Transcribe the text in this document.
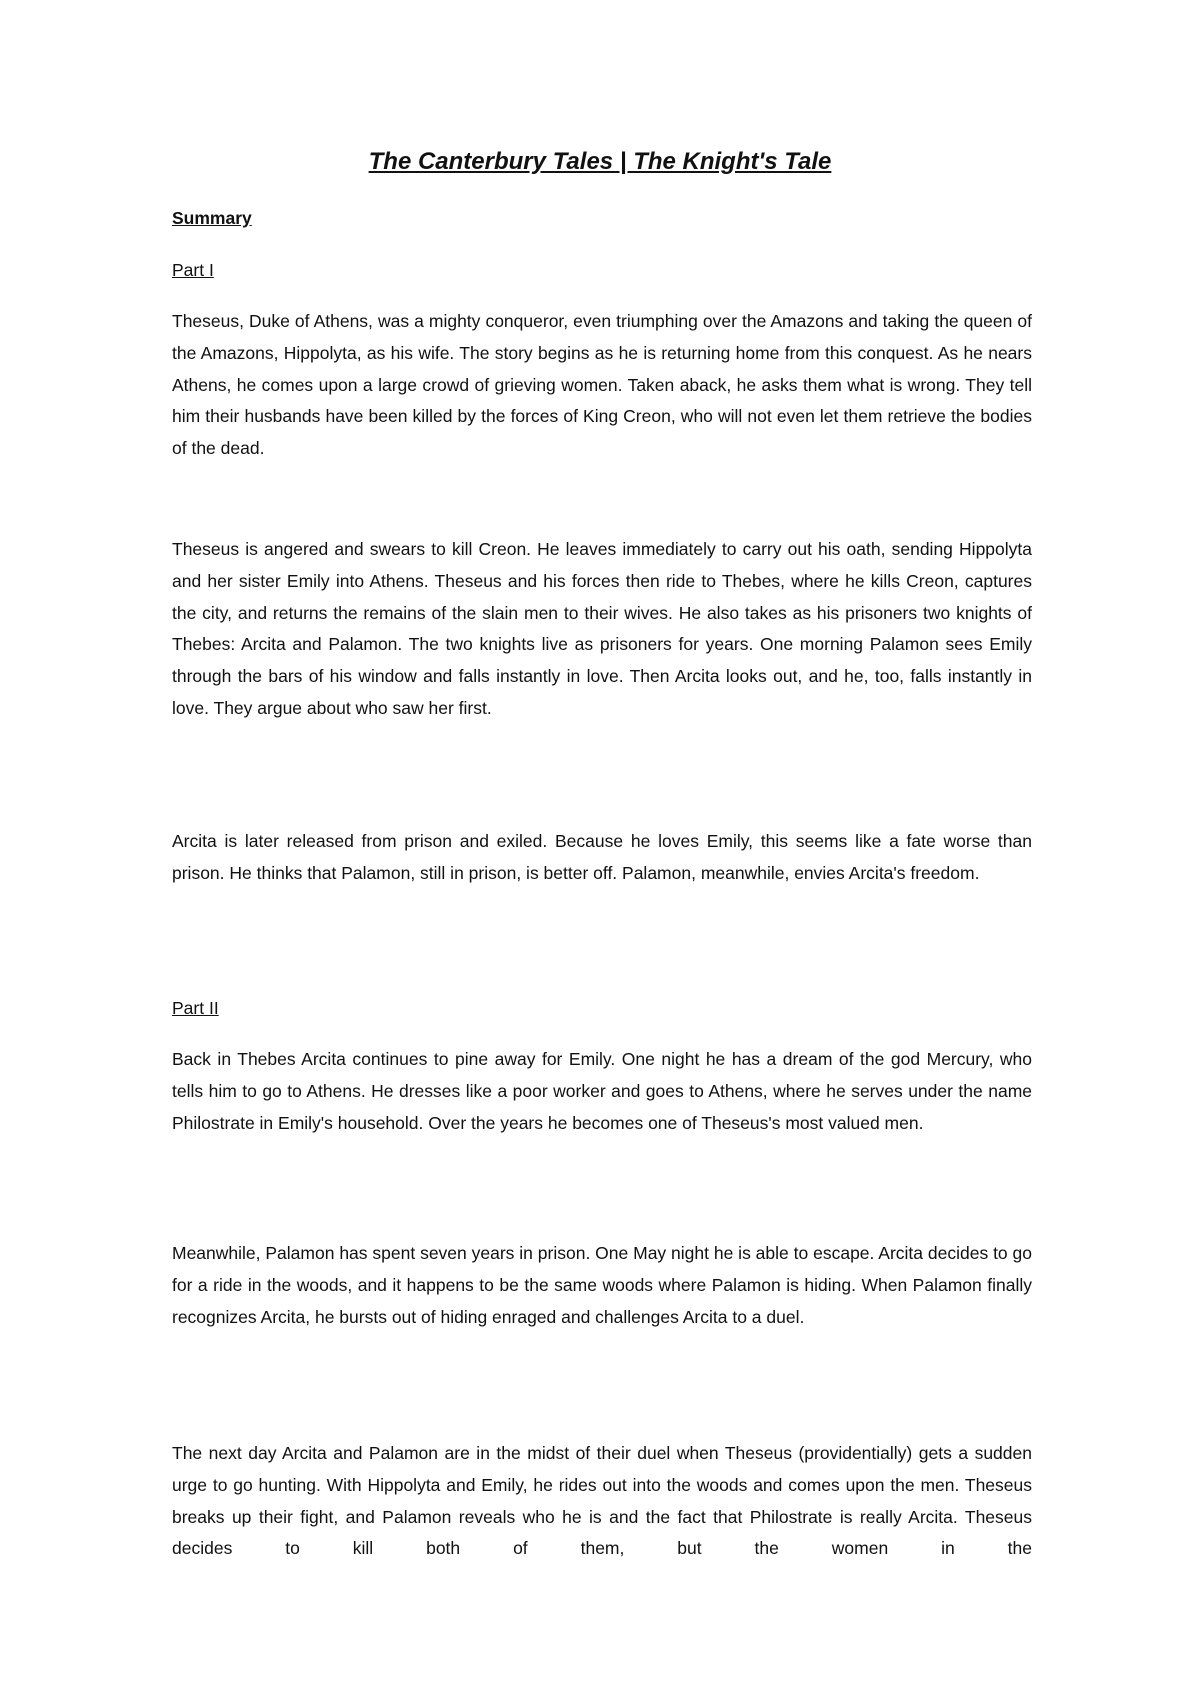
The Canterbury Tales | The Knight's Tale
Summary
Part I

Theseus, Duke of Athens, was a mighty conqueror, even triumphing over the Amazons and taking the queen of the Amazons, Hippolyta, as his wife. The story begins as he is returning home from this conquest. As he nears Athens, he comes upon a large crowd of grieving women. Taken aback, he asks them what is wrong. They tell him their husbands have been killed by the forces of King Creon, who will not even let them retrieve the bodies of the dead.

Theseus is angered and swears to kill Creon. He leaves immediately to carry out his oath, sending Hippolyta and her sister Emily into Athens. Theseus and his forces then ride to Thebes, where he kills Creon, captures the city, and returns the remains of the slain men to their wives. He also takes as his prisoners two knights of Thebes: Arcita and Palamon. The two knights live as prisoners for years. One morning Palamon sees Emily through the bars of his window and falls instantly in love. Then Arcita looks out, and he, too, falls instantly in love. They argue about who saw her first.

Arcita is later released from prison and exiled. Because he loves Emily, this seems like a fate worse than prison. He thinks that Palamon, still in prison, is better off. Palamon, meanwhile, envies Arcita's freedom.

Part II

Back in Thebes Arcita continues to pine away for Emily. One night he has a dream of the god Mercury, who tells him to go to Athens. He dresses like a poor worker and goes to Athens, where he serves under the name Philostrate in Emily's household. Over the years he becomes one of Theseus's most valued men.

Meanwhile, Palamon has spent seven years in prison. One May night he is able to escape. Arcita decides to go for a ride in the woods, and it happens to be the same woods where Palamon is hiding. When Palamon finally recognizes Arcita, he bursts out of hiding enraged and challenges Arcita to a duel.

The next day Arcita and Palamon are in the midst of their duel when Theseus (providentially) gets a sudden urge to go hunting. With Hippolyta and Emily, he rides out into the woods and comes upon the men. Theseus breaks up their fight, and Palamon reveals who he is and the fact that Philostrate is really Arcita. Theseus decides to kill both of them, but the women in the
